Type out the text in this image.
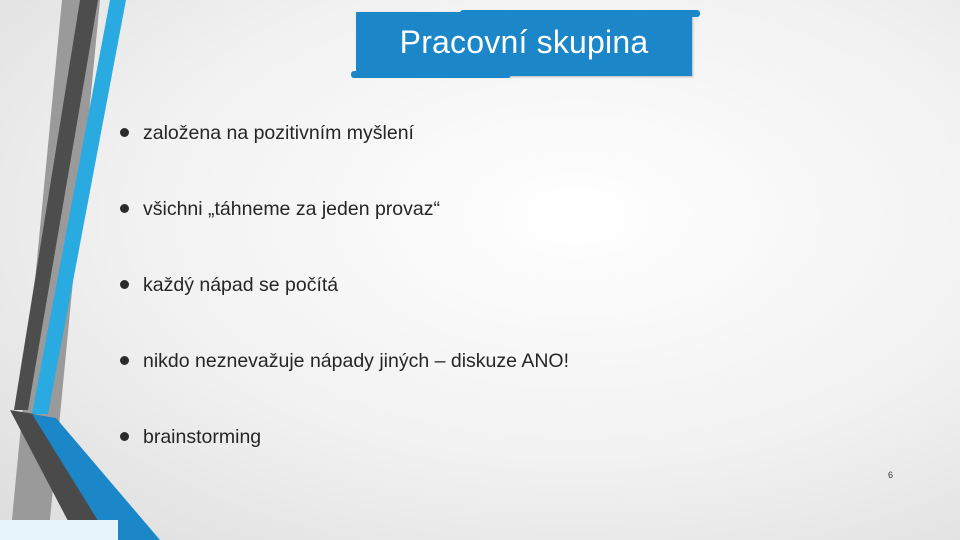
Pracovní skupina
založena na pozitivním myšlení
všichni „táhneme za jeden provaz“
každý nápad se počítá
nikdo neznevažuje nápady jiných – diskuze ANO!
brainstorming
6
